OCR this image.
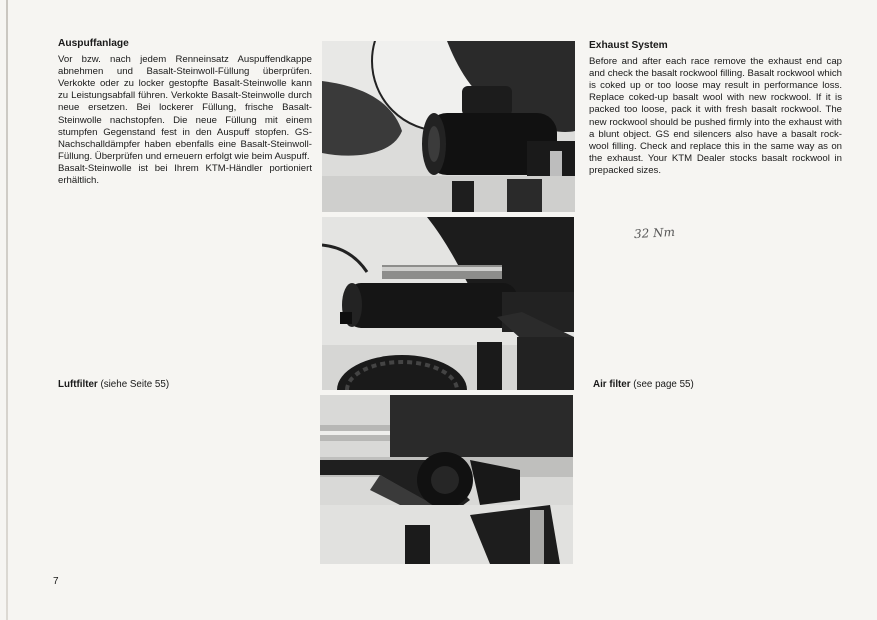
Auspuffanlage

Vor bzw. nach jedem Renneinsatz Auspuffendkappe abnehmen und Basalt-Steinwoll-Füllung überprüfen. Verkokte oder zu locker gestopfte Basalt-Steinwolle kann zu Leistungsabfall führen. Verkokte Basalt-Steinwolle durch neue ersetzen. Bei lockerer Füllung, frische Basalt-Steinwolle nachstopfen. Die neue Füllung mit einem stumpfen Gegenstand fest in den Auspuff stopfen. GS-Nachschalldämpfer haben ebenfalls eine Basalt-Steinwoll-Füllung. Überprüfen und erneuern erfolgt wie beim Auspuff.

Basalt-Steinwolle ist bei Ihrem KTM-Händler portioniert erhältlich.

Exhaust System

Before and after each race remove the exhaust end cap and check the basalt rockwool filling. Basalt rockwool which is coked up or too loose may result in performance loss. Replace coked-up basalt wool with new rockwool. If it is packed too loose, pack it with fresh basalt rockwool. The new rockwool should be pushed firmly into the exhaust with a blunt object. GS end silencers also have a basalt rock-wool filling. Check and replace this in the same way as on the exhaust. Your KTM Dealer stocks basalt rockwool in prepacked sizes.

32 Nm
Luftfilter (siehe Seite 55)	Air filter (see page 55)
7
